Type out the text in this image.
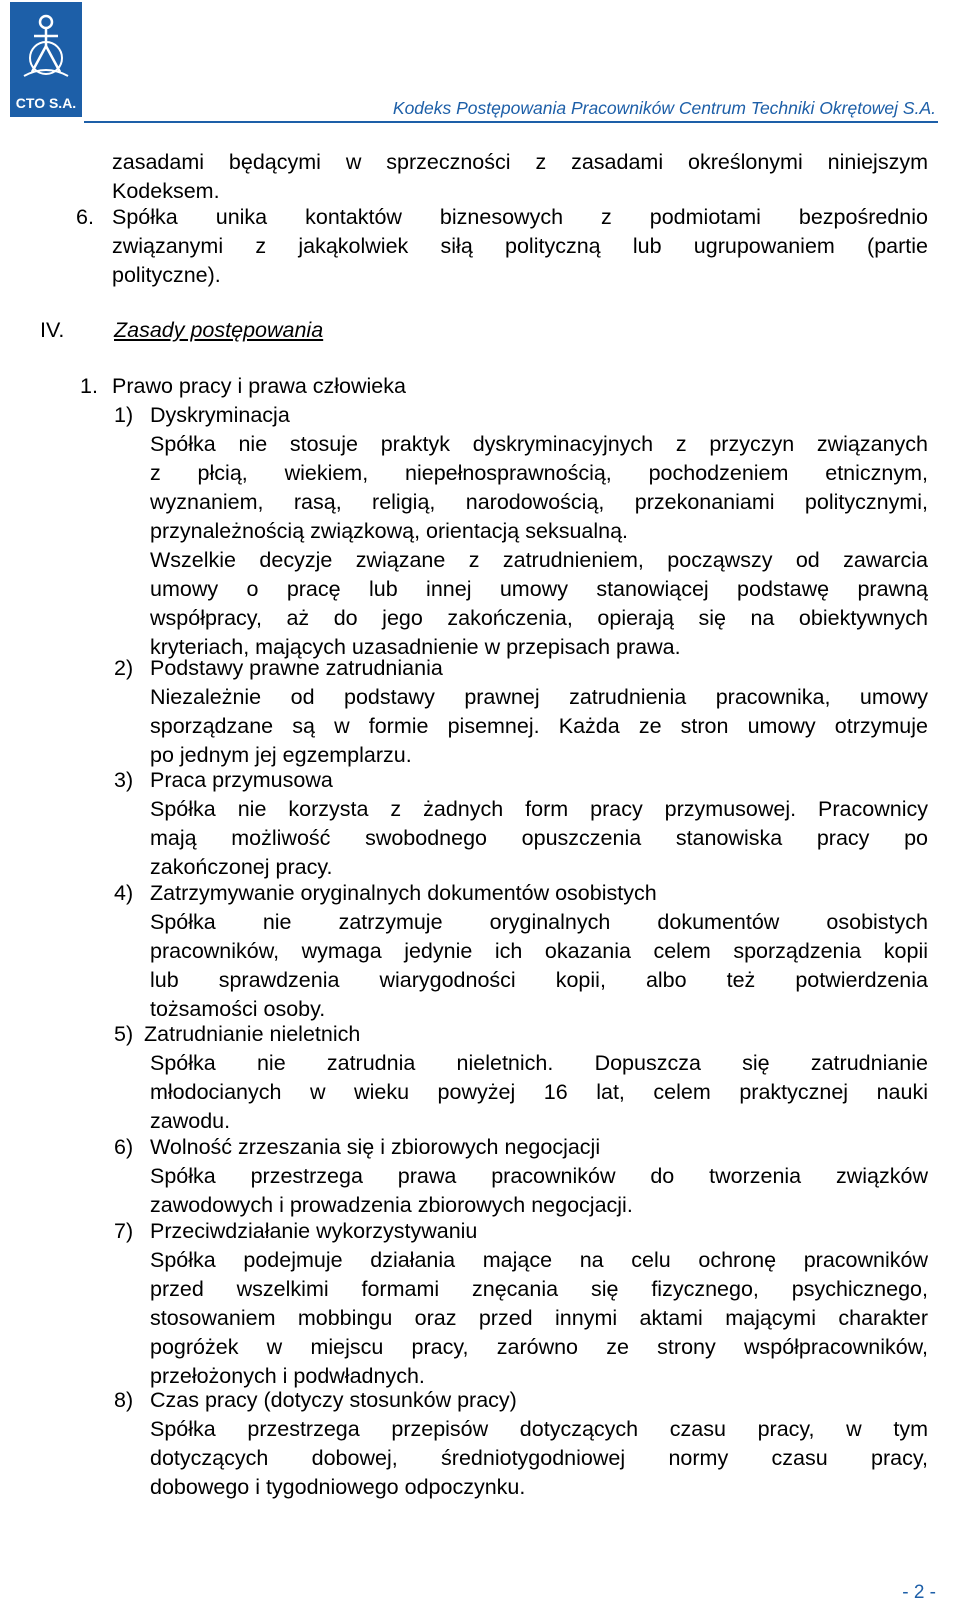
CTO S.A.	Kodeks Postępowania Pracowników Centrum Techniki Okrętowej S.A.
zasadami będącymi w sprzeczności z zasadami określonymi niniejszym
Kodeksem.
6. Spółka unika kontaktów biznesowych z podmiotami bezpośrednio
związanymi z jakąkolwiek siłą polityczną lub ugrupowaniem (partie
polityczne).
IV. Zasady postępowania
1. Prawo pracy i prawa człowieka
1) Dyskryminacja
Spółka nie stosuje praktyk dyskryminacyjnych z przyczyn związanych
z płcią, wiekiem, niepełnosprawnością, pochodzeniem etnicznym,
wyznaniem, rasą, religią, narodowością, przekonaniami politycznymi,
przynależnością związkową, orientacją seksualną.
Wszelkie decyzje związane z zatrudnieniem, począwszy od zawarcia
umowy o pracę lub innej umowy stanowiącej podstawę prawną
współpracy, aż do jego zakończenia, opierają się na obiektywnych
kryteriach, mających uzasadnienie w przepisach prawa.
2) Podstawy prawne zatrudniania
Niezależnie od podstawy prawnej zatrudnienia pracownika, umowy
sporządzane są w formie pisemnej. Każda ze stron umowy otrzymuje
po jednym jej egzemplarzu.
3) Praca przymusowa
Spółka nie korzysta z żadnych form pracy przymusowej. Pracownicy
mają możliwość swobodnego opuszczenia stanowiska pracy po
zakończonej pracy.
4) Zatrzymywanie oryginalnych dokumentów osobistych
Spółka nie zatrzymuje oryginalnych dokumentów osobistych
pracowników, wymaga jedynie ich okazania celem sporządzenia kopii
lub sprawdzenia wiarygodności kopii, albo też potwierdzenia
tożsamości osoby.
5) Zatrudnianie nieletnich
Spółka nie zatrudnia nieletnich. Dopuszcza się zatrudnianie
młodocianych w wieku powyżej 16 lat, celem praktycznej nauki
zawodu.
6) Wolność zrzeszania się i zbiorowych negocjacji
Spółka przestrzega prawa pracowników do tworzenia związków
zawodowych i prowadzenia zbiorowych negocjacji.
7) Przeciwdziałanie wykorzystywaniu
Spółka podejmuje działania mające na celu ochronę pracowników
przed wszelkimi formami znęcania się fizycznego, psychicznego,
stosowaniem mobbingu oraz przed innymi aktami mającymi charakter
pogróżek w miejscu pracy, zarówno ze strony współpracowników,
przełożonych i podwładnych.
8) Czas pracy (dotyczy stosunków pracy)
Spółka przestrzega przepisów dotyczących czasu pracy, w tym
dotyczących dobowej, średniotygodniowej normy czasu pracy,
dobowego i tygodniowego odpoczynku.
- 2 -
